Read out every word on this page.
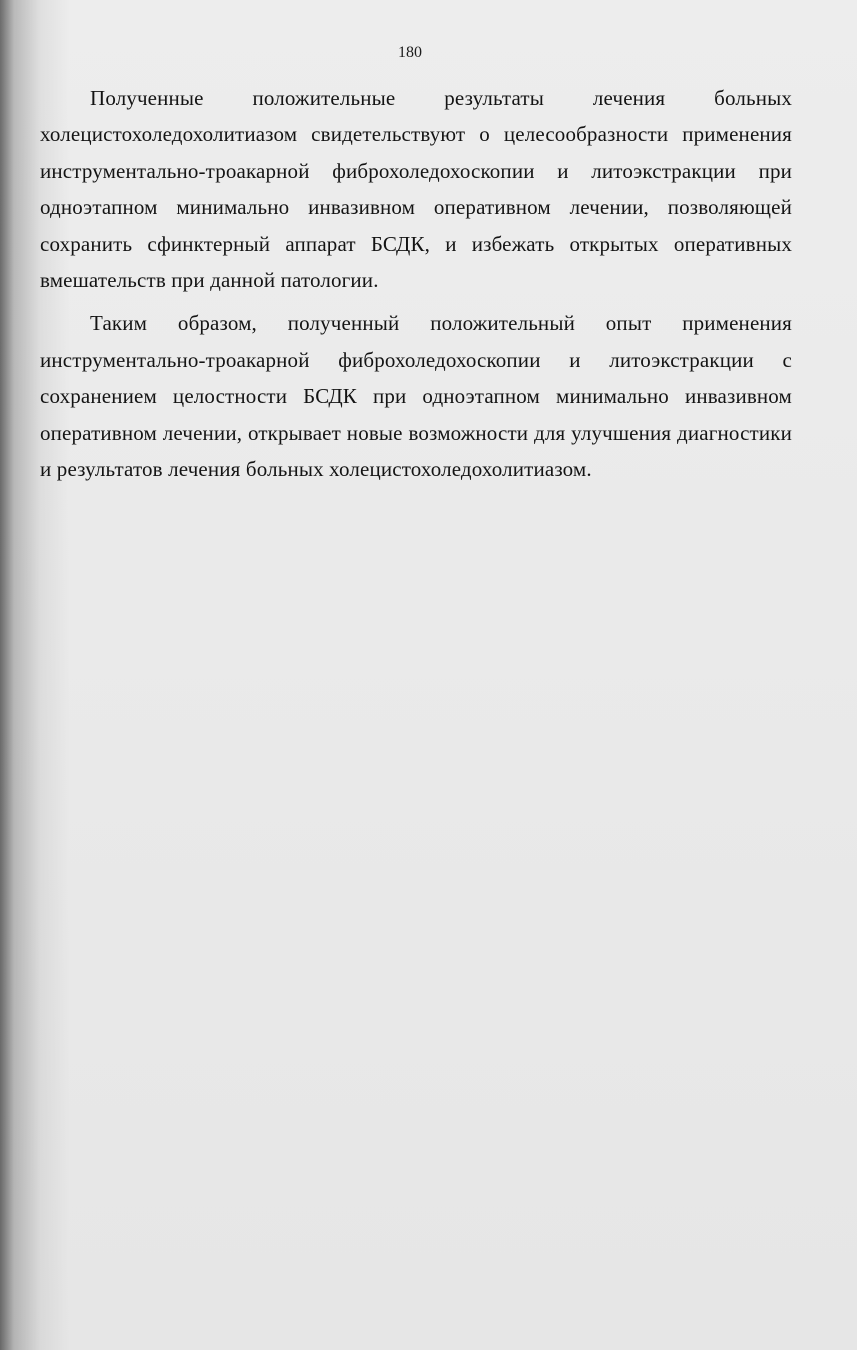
180

Полученные положительные результаты лечения больных холецистохоледохолитиазом свидетельствуют о целесообразности применения инструментально-троакарной фиброхоледохоскопии и литоэкстракции при одноэтапном минимально инвазивном оперативном лечении, позволяющей сохранить сфинктерный аппарат БСДК, и избежать открытых оперативных вмешательств при данной патологии.

Таким образом, полученный положительный опыт применения инструментально-троакарной фиброхоледохоскопии и литоэкстракции с сохранением целостности БСДК при одноэтапном минимально инвазивном оперативном лечении, открывает новые возможности для улучшения диагностики и результатов лечения больных холецистохоледохолитиазом.
